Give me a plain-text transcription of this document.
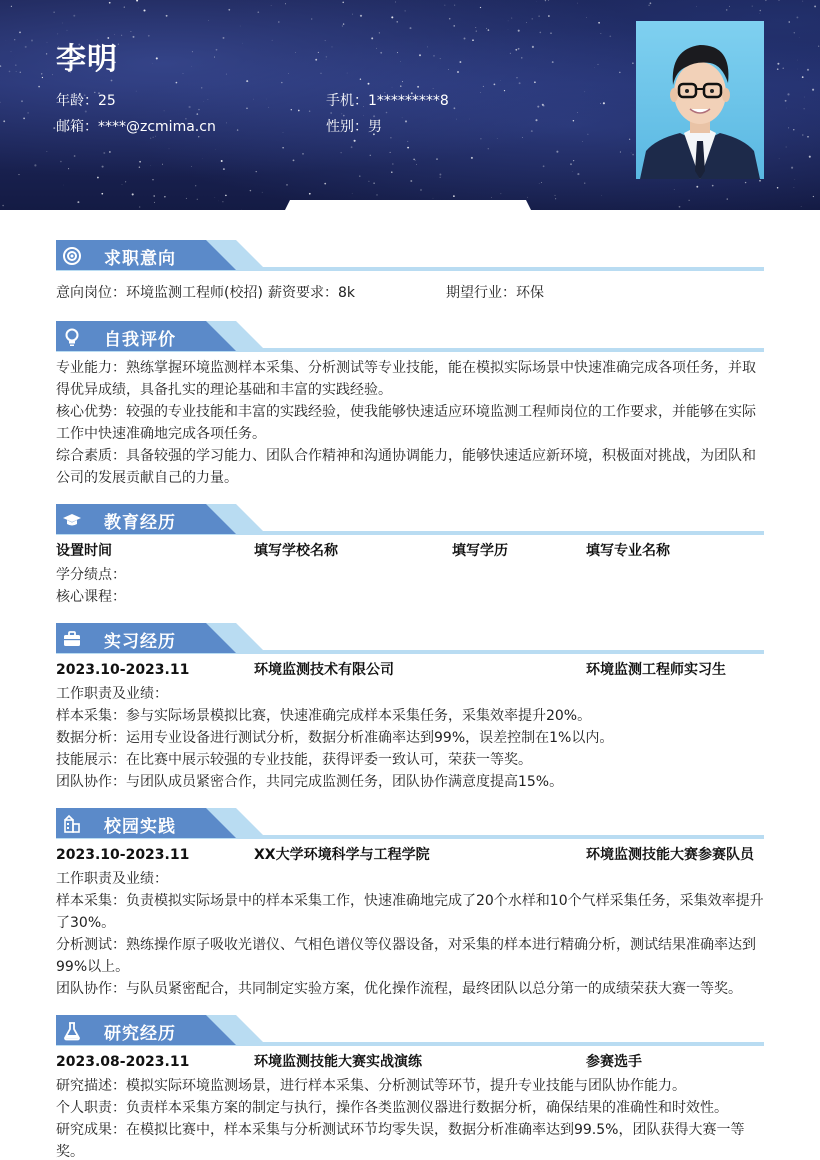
李明
年龄：25	手机：1*********8
邮箱：****@zcmima.cn	性别：男
求职意向
意向岗位：环境监测工程师(校招) 薪资要求：8k	期望行业：环保
自我评价
专业能力：熟练掌握环境监测样本采集、分析测试等专业技能，能在模拟实际场景中快速准确完成各项任务，并取得优异成绩，具备扎实的理论基础和丰富的实践经验。
核心优势：较强的专业技能和丰富的实践经验，使我能够快速适应环境监测工程师岗位的工作要求，并能够在实际工作中快速准确地完成各项任务。
综合素质：具备较强的学习能力、团队合作精神和沟通协调能力，能够快速适应新环境，积极面对挑战，为团队和公司的发展贡献自己的力量。
教育经历
设置时间	填写学校名称	填写学历	填写专业名称
学分绩点：
核心课程：
实习经历
2023.10-2023.11	环境监测技术有限公司	环境监测工程师实习生
工作职责及业绩：
样本采集：参与实际场景模拟比赛，快速准确完成样本采集任务，采集效率提升20%。
数据分析：运用专业设备进行测试分析，数据分析准确率达到99%，误差控制在1%以内。
技能展示：在比赛中展示较强的专业技能，获得评委一致认可，荣获一等奖。
团队协作：与团队成员紧密合作，共同完成监测任务，团队协作满意度提高15%。
校园实践
2023.10-2023.11	XX大学环境科学与工程学院	环境监测技能大赛参赛队员
工作职责及业绩：
样本采集：负责模拟实际场景中的样本采集工作，快速准确地完成了20个水样和10个气样采集任务，采集效率提升了30%。
分析测试：熟练操作原子吸收光谱仪、气相色谱仪等仪器设备，对采集的样本进行精确分析，测试结果准确率达到99%以上。
团队协作：与队员紧密配合，共同制定实验方案，优化操作流程，最终团队以总分第一的成绩荣获大赛一等奖。
研究经历
2023.08-2023.11	环境监测技能大赛实战演练	参赛选手
研究描述：模拟实际环境监测场景，进行样本采集、分析测试等环节，提升专业技能与团队协作能力。
个人职责：负责样本采集方案的制定与执行，操作各类监测仪器进行数据分析，确保结果的准确性和时效性。
研究成果：在模拟比赛中，样本采集与分析测试环节均零失误，数据分析准确率达到99.5%，团队获得大赛一等奖。
